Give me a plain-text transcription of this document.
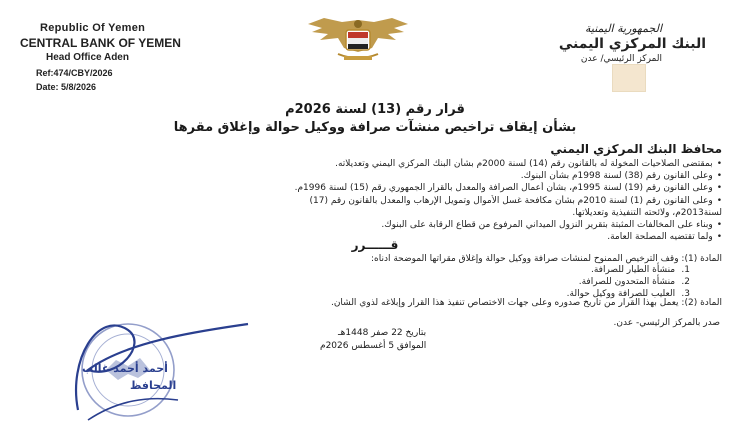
Republic Of Yemen
CENTRAL BANK OF YEMEN
Head Office Aden
Ref:474/CBY/2026
Date: 5/8/2026
الجمهورية اليمنية
البنك المركزي اليمني
المركز الرئيسي/ عدن
قرار رقم (13) لسنة 2026م
بشأن إيقاف تراخيص منشآت صرافة ووكيل حوالة وإغلاق مقرها
محافظ البنك المركزي اليمني
• بمقتضى الصلاحيات المخولة له بالقانون رقم (14) لسنة 2000م بشأن البنك المركزي اليمني وتعديلاته.
• وعلى القانون رقم (38) لسنة 1998م بشأن البنوك.
• وعلى القانون رقم (19) لسنة 1995م، بشأن أعمال الصرافة والمعدل بالقرار الجمهوري رقم (15) لسنة 1996م.
• وعلى القانون رقم (1) لسنة 2010م بشأن مكافحة غسل الأموال وتمويل الإرهاب والمعدل بالقانون رقم (17)
لسنة2013م، ولائحته التنفيذية وتعديلاتها.
• وبناء على المخالفات المثبتة بتقرير النزول الميداني المرفوع من قطاع الرقابة على البنوك.
• ولما تقتضيه المصلحة العامة.
قــــــرر
المادة (1): وقف الترخيص الممنوح لمنشآت صرافة ووكيل حوالة وإغلاق مقراتها الموضحة أدناه:
1. منشأة الطيار للصرافة.
2. منشأة المتحدون للصرافة.
3. العليب للصرافة ووكيل حوالة.
المادة (2): يعمل بهذا القرار من تاريخ صدوره وعلى جهات الاختصاص تنفيذ هذا القرار وإبلاغه لذوي الشأن.
صدر بالمركز الرئيسي- عدن.
بتاريخ 22 صفر 1448هـ
الموافق 5 أغسطس 2026م
أحمد أحمد غالب
المحافظ
